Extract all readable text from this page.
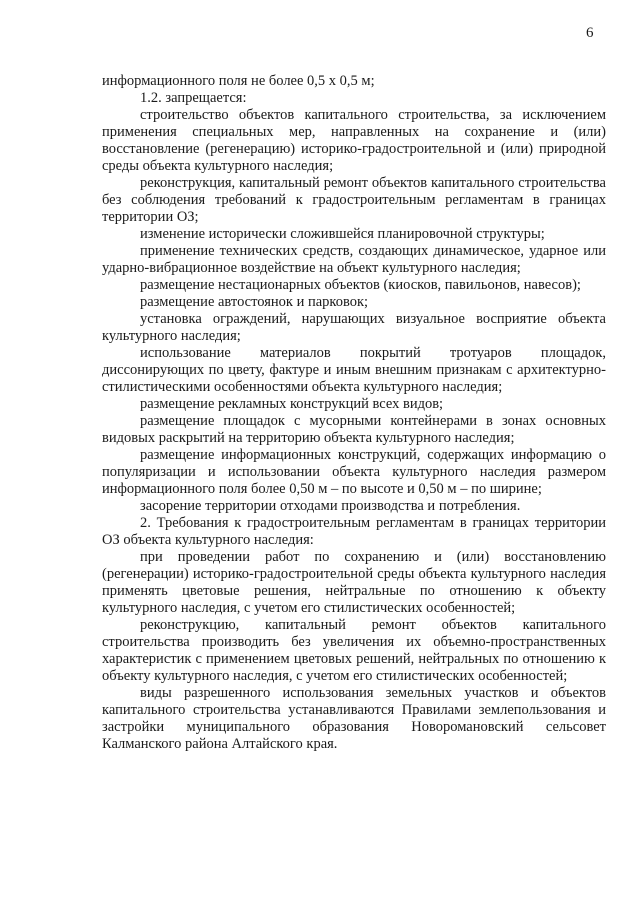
6

информационного поля не более 0,5 х 0,5 м;

1.2. запрещается:

строительство объектов капитального строительства, за исключением применения специальных мер, направленных на сохранение и (или) восстановление (регенерацию) историко-градостроительной и (или) природной среды объекта культурного наследия;

реконструкция, капитальный ремонт объектов капитального строительства без соблюдения требований к градостроительным регламентам в границах территории ОЗ;

изменение исторически сложившейся планировочной структуры;

применение технических средств, создающих динамическое, ударное или ударно-вибрационное воздействие на объект культурного наследия;

размещение нестационарных объектов (киосков, павильонов, навесов);

размещение автостоянок и парковок;

установка ограждений, нарушающих визуальное восприятие объекта культурного наследия;

использование материалов покрытий тротуаров площадок, диссонирующих по цвету, фактуре и иным внешним признакам с архитектурно-стилистическими особенностями объекта культурного наследия;

размещение рекламных конструкций всех видов;

размещение площадок с мусорными контейнерами в зонах основных видовых раскрытий на территорию объекта культурного наследия;

размещение информационных конструкций, содержащих информацию о популяризации и использовании объекта культурного наследия размером информационного поля более 0,50 м – по высоте и 0,50 м – по ширине;

засорение территории отходами производства и потребления.

2. Требования к градостроительным регламентам в границах территории ОЗ объекта культурного наследия:

при проведении работ по сохранению и (или) восстановлению (регенерации) историко-градостроительной среды объекта культурного наследия применять цветовые решения, нейтральные по отношению к объекту культурного наследия, с учетом его стилистических особенностей;

реконструкцию, капитальный ремонт объектов капитального строительства производить без увеличения их объемно-пространственных характеристик с применением цветовых решений, нейтральных по отношению к объекту культурного наследия, с учетом его стилистических особенностей;

виды разрешенного использования земельных участков и объектов капитального строительства устанавливаются Правилами землепользования и застройки муниципального образования Новоромановский сельсовет Калманского района Алтайского края.
